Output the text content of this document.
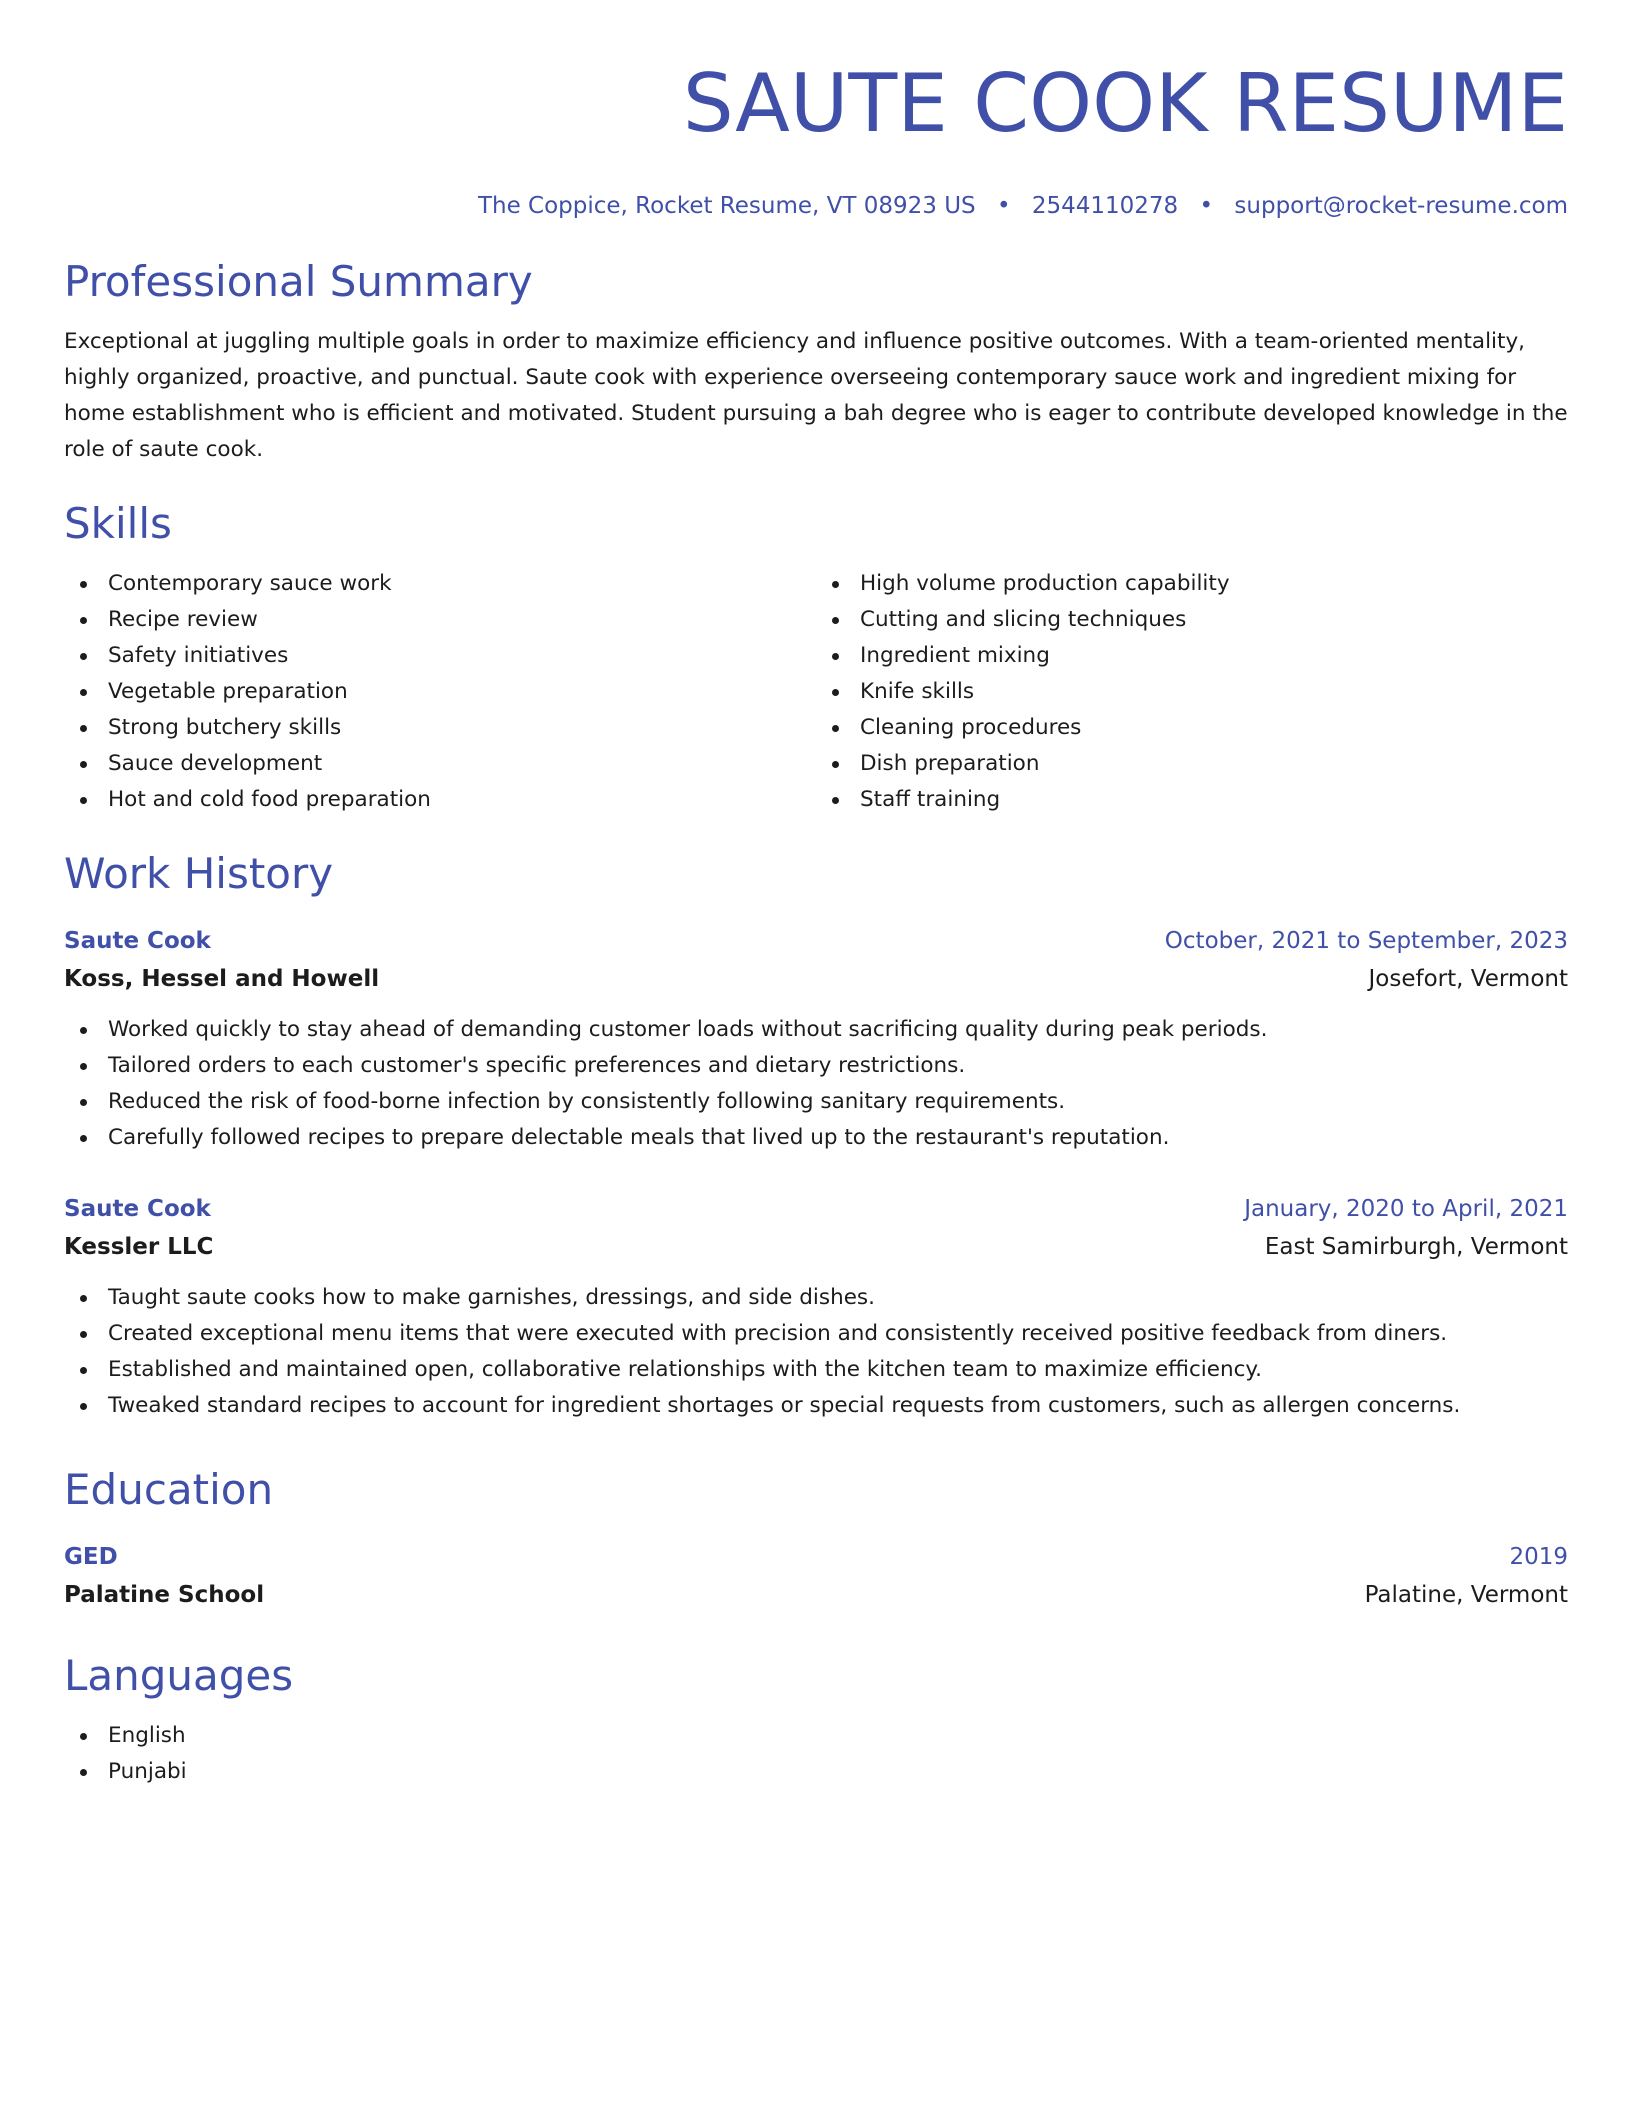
SAUTE COOK RESUME
The Coppice, Rocket Resume, VT 08923 US • 2544110278 • support@rocket-resume.com
Professional Summary
Exceptional at juggling multiple goals in order to maximize efficiency and influence positive outcomes. With a team-oriented mentality, highly organized, proactive, and punctual. Saute cook with experience overseeing contemporary sauce work and ingredient mixing for home establishment who is efficient and motivated. Student pursuing a bah degree who is eager to contribute developed knowledge in the role of saute cook.
Skills
Contemporary sauce work
Recipe review
Safety initiatives
Vegetable preparation
Strong butchery skills
Sauce development
Hot and cold food preparation
High volume production capability
Cutting and slicing techniques
Ingredient mixing
Knife skills
Cleaning procedures
Dish preparation
Staff training
Work History
Saute Cook	October, 2021 to September, 2023
Koss, Hessel and Howell	Josefort, Vermont
Worked quickly to stay ahead of demanding customer loads without sacrificing quality during peak periods.
Tailored orders to each customer's specific preferences and dietary restrictions.
Reduced the risk of food-borne infection by consistently following sanitary requirements.
Carefully followed recipes to prepare delectable meals that lived up to the restaurant's reputation.
Saute Cook	January, 2020 to April, 2021
Kessler LLC	East Samirburgh, Vermont
Taught saute cooks how to make garnishes, dressings, and side dishes.
Created exceptional menu items that were executed with precision and consistently received positive feedback from diners.
Established and maintained open, collaborative relationships with the kitchen team to maximize efficiency.
Tweaked standard recipes to account for ingredient shortages or special requests from customers, such as allergen concerns.
Education
GED	2019
Palatine School	Palatine, Vermont
Languages
English
Punjabi
